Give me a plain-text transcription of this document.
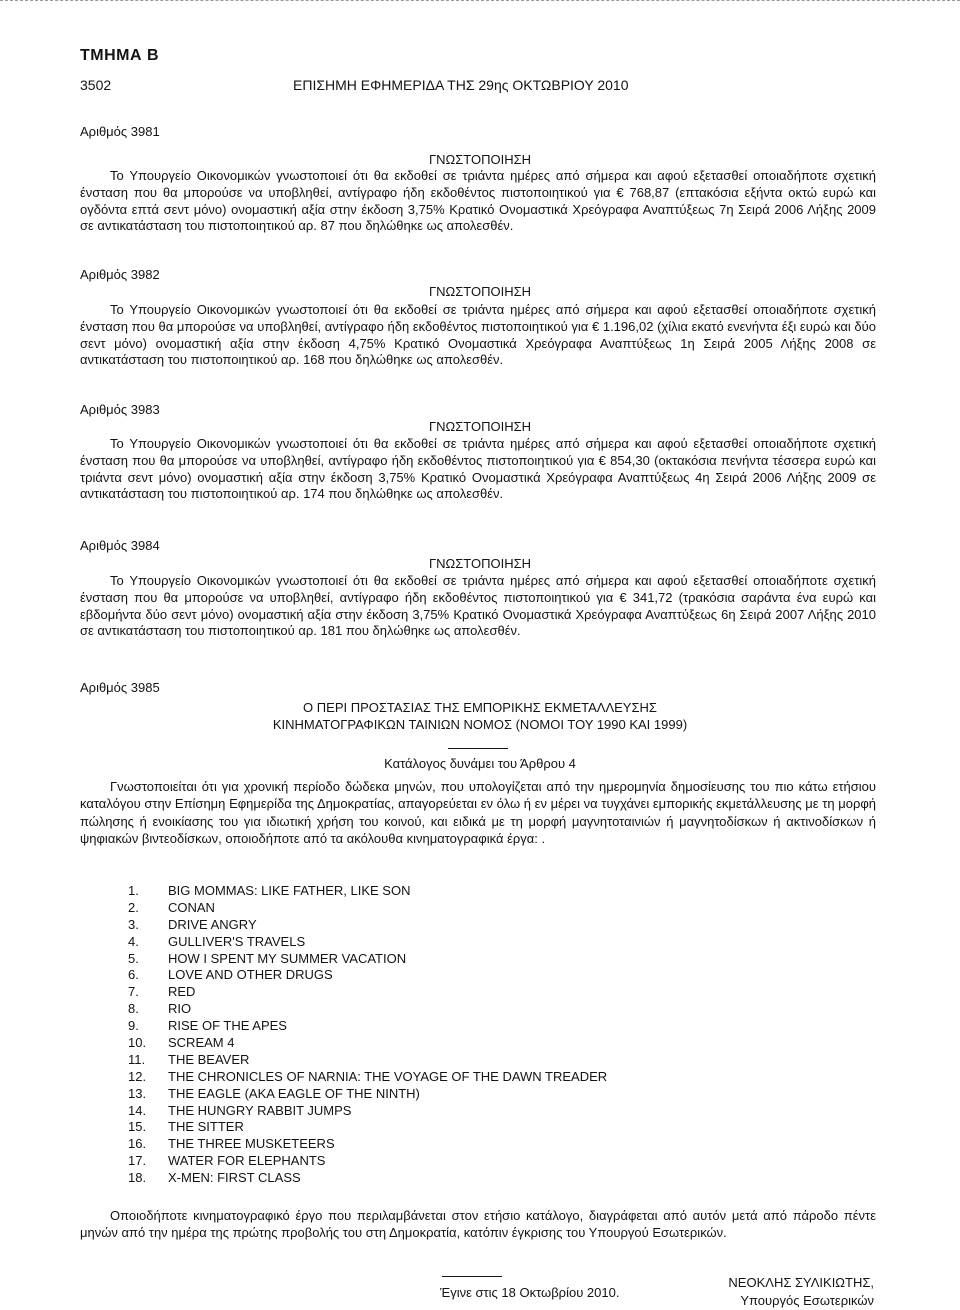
ΤΜΗΜΑ Β
3502	ΕΠΙΣΗΜΗ ΕΦΗΜΕΡΙΔΑ ΤΗΣ 29ης ΟΚΤΩΒΡΙΟΥ 2010
Αριθμός 3981
ΓΝΩΣΤΟΠΟΙΗΣΗ

Το Υπουργείο Οικονομικών γνωστοποιεί ότι θα εκδοθεί σε τριάντα ημέρες από σήμερα και αφού εξετασθεί οποιαδήποτε σχετική ένσταση που θα μπορούσε να υποβληθεί, αντίγραφο ήδη εκδοθέντος πιστοποιητικού για € 768,87 (επτακόσια εξήντα οκτώ ευρώ και ογδόντα επτά σεντ μόνο) ονομαστική αξία στην έκδοση 3,75% Κρατικό Ονομαστικά Χρεόγραφα Αναπτύξεως 7η Σειρά 2006 Λήξης 2009 σε αντικατάσταση του πιστοποιητικού αρ. 87 που δηλώθηκε ως απολεσθέν.

Αριθμός 3982
ΓΝΩΣΤΟΠΟΙΗΣΗ

Το Υπουργείο Οικονομικών γνωστοποιεί ότι θα εκδοθεί σε τριάντα ημέρες από σήμερα και αφού εξετασθεί οποιαδήποτε σχετική ένσταση που θα μπορούσε να υποβληθεί, αντίγραφο ήδη εκδοθέντος πιστοποιητικού για € 1.196,02 (χίλια εκατό ενενήντα έξι ευρώ και δύο σεντ μόνο) ονομαστική αξία στην έκδοση 4,75% Κρατικό Ονομαστικά Χρεόγραφα Αναπτύξεως 1η Σειρά 2005 Λήξης 2008 σε αντικατάσταση του πιστοποιητικού αρ. 168 που δηλώθηκε ως απολεσθέν.

Αριθμός 3983
ΓΝΩΣΤΟΠΟΙΗΣΗ

Το Υπουργείο Οικονομικών γνωστοποιεί ότι θα εκδοθεί σε τριάντα ημέρες από σήμερα και αφού εξετασθεί οποιαδήποτε σχετική ένσταση που θα μπορούσε να υποβληθεί, αντίγραφο ήδη εκδοθέντος πιστοποιητικού για € 854,30 (οκτακόσια πενήντα τέσσερα ευρώ και τριάντα σεντ μόνο) ονομαστική αξία στην έκδοση 3,75% Κρατικό Ονομαστικά Χρεόγραφα Αναπτύξεως 4η Σειρά 2006 Λήξης 2009 σε αντικατάσταση του πιστοποιητικού αρ. 174 που δηλώθηκε ως απολεσθέν.

Αριθμός 3984
ΓΝΩΣΤΟΠΟΙΗΣΗ

Το Υπουργείο Οικονομικών γνωστοποιεί ότι θα εκδοθεί σε τριάντα ημέρες από σήμερα και αφού εξετασθεί οποιαδήποτε σχετική ένσταση που θα μπορούσε να υποβληθεί, αντίγραφο ήδη εκδοθέντος πιστοποιητικού για € 341,72 (τρακόσια σαράντα ένα ευρώ και εβδομήντα δύο σεντ μόνο) ονομαστική αξία στην έκδοση 3,75% Κρατικό Ονομαστικά Χρεόγραφα Αναπτύξεως 6η Σειρά 2007 Λήξης 2010 σε αντικατάσταση του πιστοποιητικού αρ. 181 που δηλώθηκε ως απολεσθέν.

Αριθμός 3985
Ο ΠΕΡΙ ΠΡΟΣΤΑΣΙΑΣ ΤΗΣ ΕΜΠΟΡΙΚΗΣ ΕΚΜΕΤΑΛΛΕΥΣΗΣ
ΚΙΝΗΜΑΤΟΓΡΑΦΙΚΩΝ ΤΑΙΝΙΩΝ ΝΟΜΟΣ (ΝΟΜΟΙ ΤΟΥ 1990 ΚΑΙ 1999)
Κατάλογος δυνάμει του Άρθρου 4

Γνωστοποιείται ότι για χρονική περίοδο δώδεκα μηνών, που υπολογίζεται από την ημερομηνία δημοσίευσης του πιο κάτω ετήσιου καταλόγου στην Επίσημη Εφημερίδα της Δημοκρατίας, απαγορεύεται εν όλω ή εν μέρει να τυγχάνει εμπορικής εκμετάλλευσης με τη μορφή πώλησης ή ενοικίασης του για ιδιωτική χρήση του κοινού, και ειδικά με τη μορφή μαγνητοταινιών ή μαγνητοδίσκων ή ακτινοδίσκων ή ψηφιακών βιντεοδίσκων, οποιοδήποτε από τα ακόλουθα κινηματογραφικά έργα: .

1. BIG MOMMAS: LIKE FATHER, LIKE SON
2. CONAN
3. DRIVE ANGRY
4. GULLIVER'S TRAVELS
5. HOW I SPENT MY SUMMER VACATION
6. LOVE AND OTHER DRUGS
7. RED
8. RIO
9. RISE OF THE APES
10. SCREAM 4
11. THE BEAVER
12. THE CHRONICLES OF NARNIA: THE VOYAGE OF THE DAWN TREADER
13. THE EAGLE (AKA EAGLE OF THE NINTH)
14. THE HUNGRY RABBIT JUMPS
15. THE SITTER
16. THE THREE MUSKETEERS
17. WATER FOR ELEPHANTS
18. X-MEN: FIRST CLASS

Οποιοδήποτε κινηματογραφικό έργο που περιλαμβάνεται στον ετήσιο κατάλογο, διαγράφεται από αυτόν μετά από πάροδο πέντε μηνών από την ημέρα της πρώτης προβολής του στη Δημοκρατία, κατόπιν έγκρισης του Υπουργού Εσωτερικών.

Έγινε στις 18 Οκτωβρίου 2010.
ΝΕΟΚΛΗΣ ΣΥΛΙΚΙΩΤΗΣ,
Υπουργός Εσωτερικών
